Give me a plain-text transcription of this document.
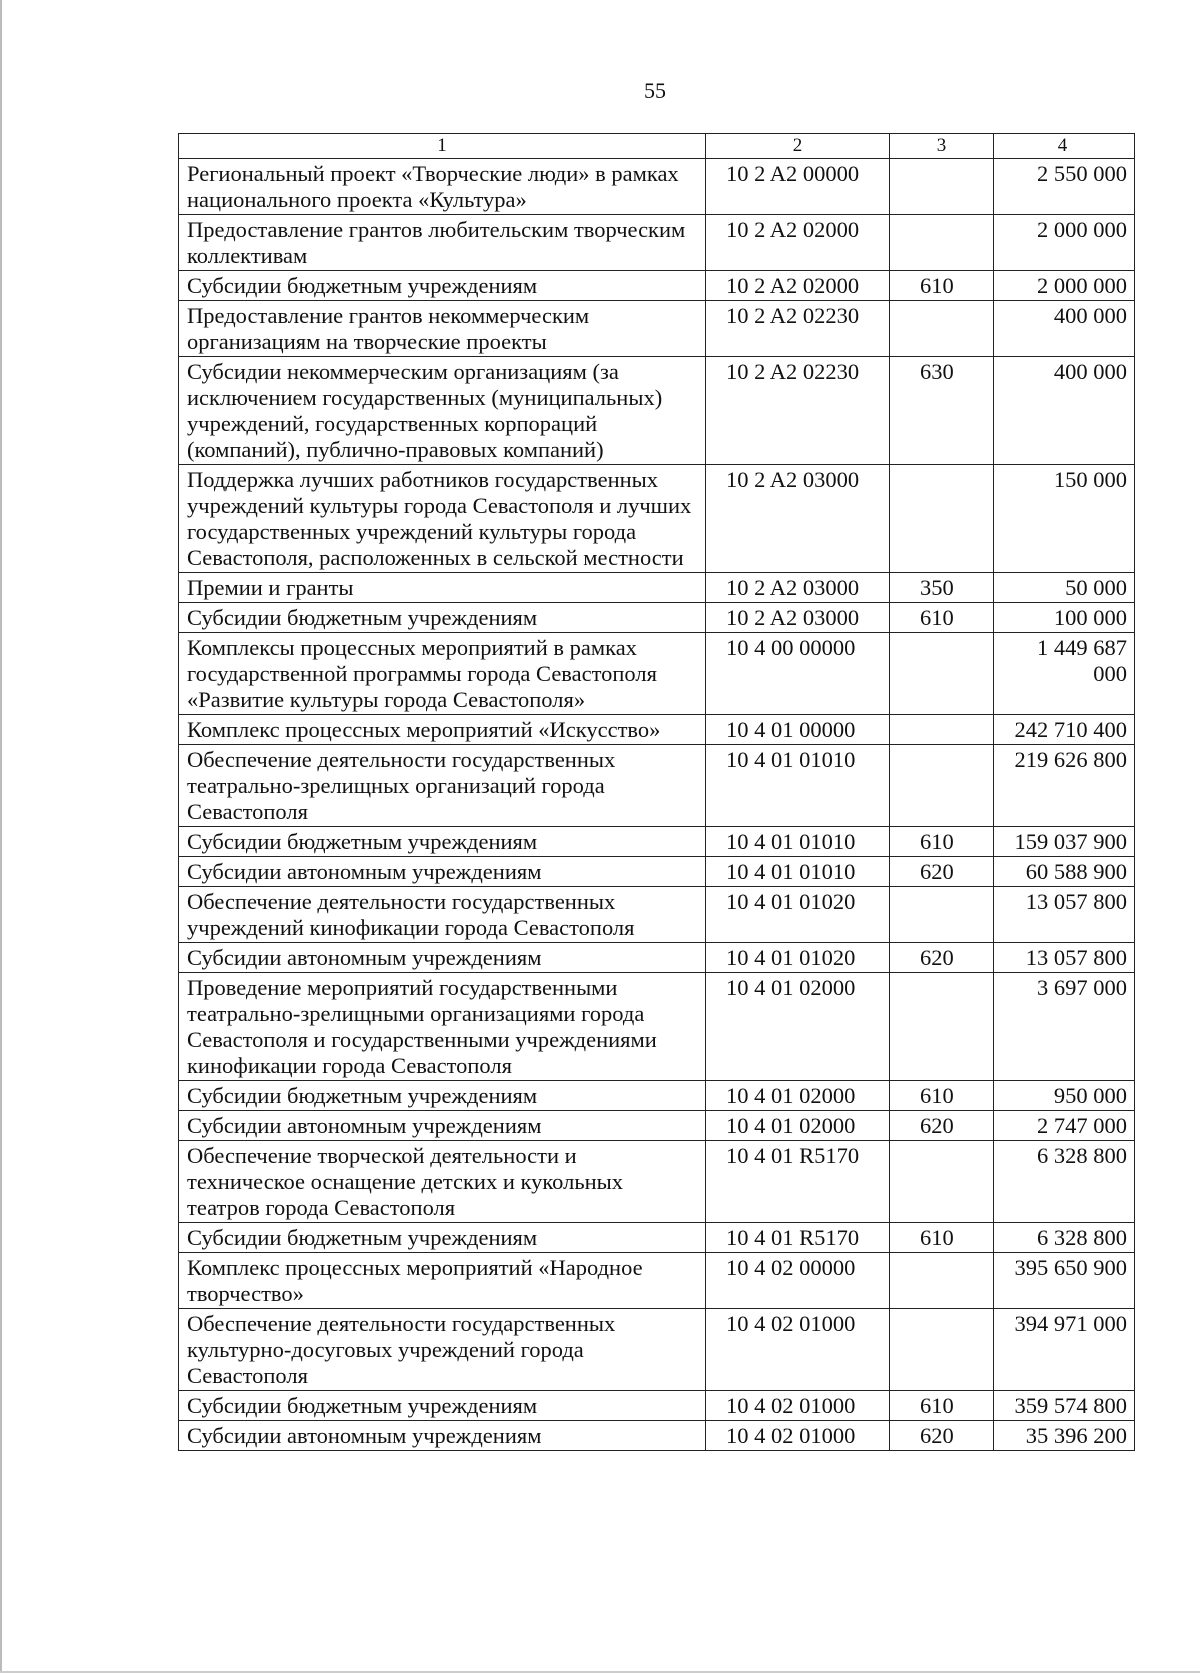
55
1	2	3	4
Региональный проект «Творческие люди» в рамках национального проекта «Культура»	10 2 A2 00000		2 550 000
Предоставление грантов любительским творческим коллективам	10 2 A2 02000		2 000 000
Субсидии бюджетным учреждениям	10 2 A2 02000	610	2 000 000
Предоставление грантов некоммерческим организациям на творческие проекты	10 2 A2 02230		400 000
Субсидии некоммерческим организациям (за исключением государственных (муниципальных) учреждений, государственных корпораций (компаний), публично-правовых компаний)	10 2 A2 02230	630	400 000
Поддержка лучших работников государственных учреждений культуры города Севастополя и лучших государственных учреждений культуры города Севастополя, расположенных в сельской местности	10 2 A2 03000		150 000
Премии и гранты	10 2 A2 03000	350	50 000
Субсидии бюджетным учреждениям	10 2 A2 03000	610	100 000
Комплексы процессных мероприятий в рамках государственной программы города Севастополя «Развитие культуры города Севастополя»	10 4 00 00000		1 449 687 000
Комплекс процессных мероприятий «Искусство»	10 4 01 00000		242 710 400
Обеспечение деятельности государственных театрально-зрелищных организаций города Севастополя	10 4 01 01010		219 626 800
Субсидии бюджетным учреждениям	10 4 01 01010	610	159 037 900
Субсидии автономным учреждениям	10 4 01 01010	620	60 588 900
Обеспечение деятельности государственных учреждений кинофикации города Севастополя	10 4 01 01020		13 057 800
Субсидии автономным учреждениям	10 4 01 01020	620	13 057 800
Проведение мероприятий государственными театрально-зрелищными организациями города Севастополя и государственными учреждениями кинофикации города Севастополя	10 4 01 02000		3 697 000
Субсидии бюджетным учреждениям	10 4 01 02000	610	950 000
Субсидии автономным учреждениям	10 4 01 02000	620	2 747 000
Обеспечение творческой деятельности и техническое оснащение детских и кукольных театров города Севастополя	10 4 01 R5170		6 328 800
Субсидии бюджетным учреждениям	10 4 01 R5170	610	6 328 800
Комплекс процессных мероприятий «Народное творчество»	10 4 02 00000		395 650 900
Обеспечение деятельности государственных культурно-досуговых учреждений города Севастополя	10 4 02 01000		394 971 000
Субсидии бюджетным учреждениям	10 4 02 01000	610	359 574 800
Субсидии автономным учреждениям	10 4 02 01000	620	35 396 200
